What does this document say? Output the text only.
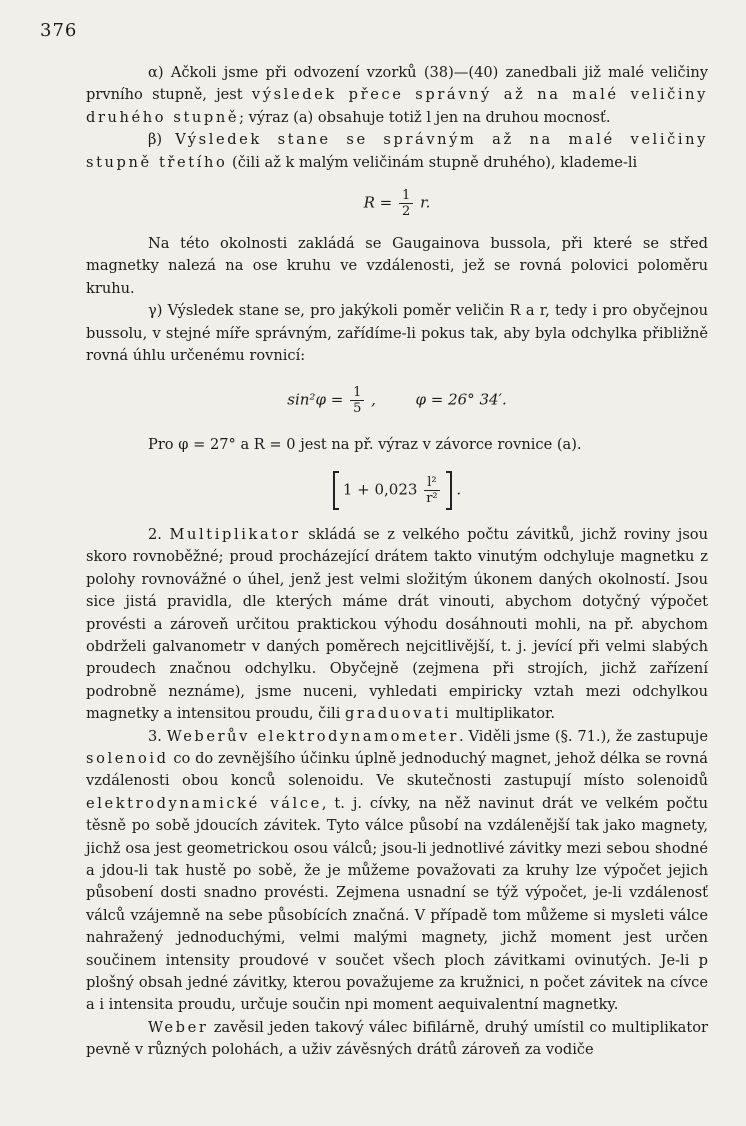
376

α) Ačkoli jsme při odvození vzorků (38)—(40) zanedbali již malé veličiny prvního stupně, jest výsledek přece správný až na malé veličiny druhého stupně; výraz (a) obsahuje totiž l jen na druhou mocnosť.

β) Výsledek stane se správným až na malé veličiny stupně třetího (čili až k malým veličinám stupně druhého), klademe-li

$R = \frac{1}{2} r$.

Na této okolnosti zakládá se Gaugainova bussola, při které se střed magnetky nalezá na ose kruhu ve vzdálenosti, jež se rovná polovici poloměru kruhu.

γ) Výsledek stane se, pro jakýkoli poměr veličin R a r, tedy i pro obyčejnou bussolu, v stejné míře správným, zařídíme-li pokus tak, aby byla odchylka přibližně rovná úhlu určenému rovnicí:

$\sin^2\varphi = \frac{1}{5}$ ,	φ = 26° 34′.

Pro φ = 27° a R = 0 jest na př. výraz v závorce rovnice (a).

$1 + 0,023 \frac{\text{l²}}{\text{r²}}$ .

2. Multiplikator skládá se z velkého počtu závitků, jichž roviny jsou skoro rovnoběžné; proud procházející drátem takto vinutým odchyluje magnetku z polohy rovnovážné o úhel, jenž jest velmi složitým úkonem daných okolností. Jsou sice jistá pravidla, dle kterých máme drát vinouti, abychom dotyčný výpočet provésti a zároveň určitou praktickou výhodu dosáhnouti mohli, na př. abychom obdrželi galvanometr v daných poměrech nejcitlivější, t. j. jevící při velmi slabých proudech značnou odchylku. Obyčejně (zejmena při strojích, jichž zařízení podrobně neznáme), jsme nuceni, vyhledati empiricky vztah mezi odchylkou magnetky a intensitou proudu, čili graduovati multiplikator.

3. Weberův elektrodynamometer. Viděli jsme (§. 71.), že zastupuje solenoid co do zevnějšího účinku úplně jednoduchý magnet, jehož délka se rovná vzdálenosti obou konců solenoidu. Ve skutečnosti zastupují místo solenoidů elektrodynamické válce, t. j. cívky, na něž navinut drát ve velkém počtu těsně po sobě jdoucích závitek. Tyto válce působí na vzdálenější tak jako magnety, jichž osa jest geometrickou osou válců; jsou-li jednotlivé závitky mezi sebou shodné a jdou-li tak hustě po sobě, že je můžeme považovati za kruhy lze výpočet jejich působení dosti snadno provésti. Zejmena usnadní se týž výpočet, je-li vzdálenosť válců vzájemně na sebe působících značná. V případě tom můžeme si mysleti válce nahražený jednoduchými, velmi malými magnety, jichž moment jest určen součinem intensity proudové v součet všech ploch závitkami ovinutých. Je-li p plošný obsah jedné závitky, kterou považujeme za kružnici, n počet závitek na cívce a i intensita proudu, určuje součin npi moment aequivalentní magnetky.

Weber zavěsil jeden takový válec bifilárně, druhý umístil co multiplikator pevně v různých polohách, a uživ závěsných drátů zároveň za vodiče
